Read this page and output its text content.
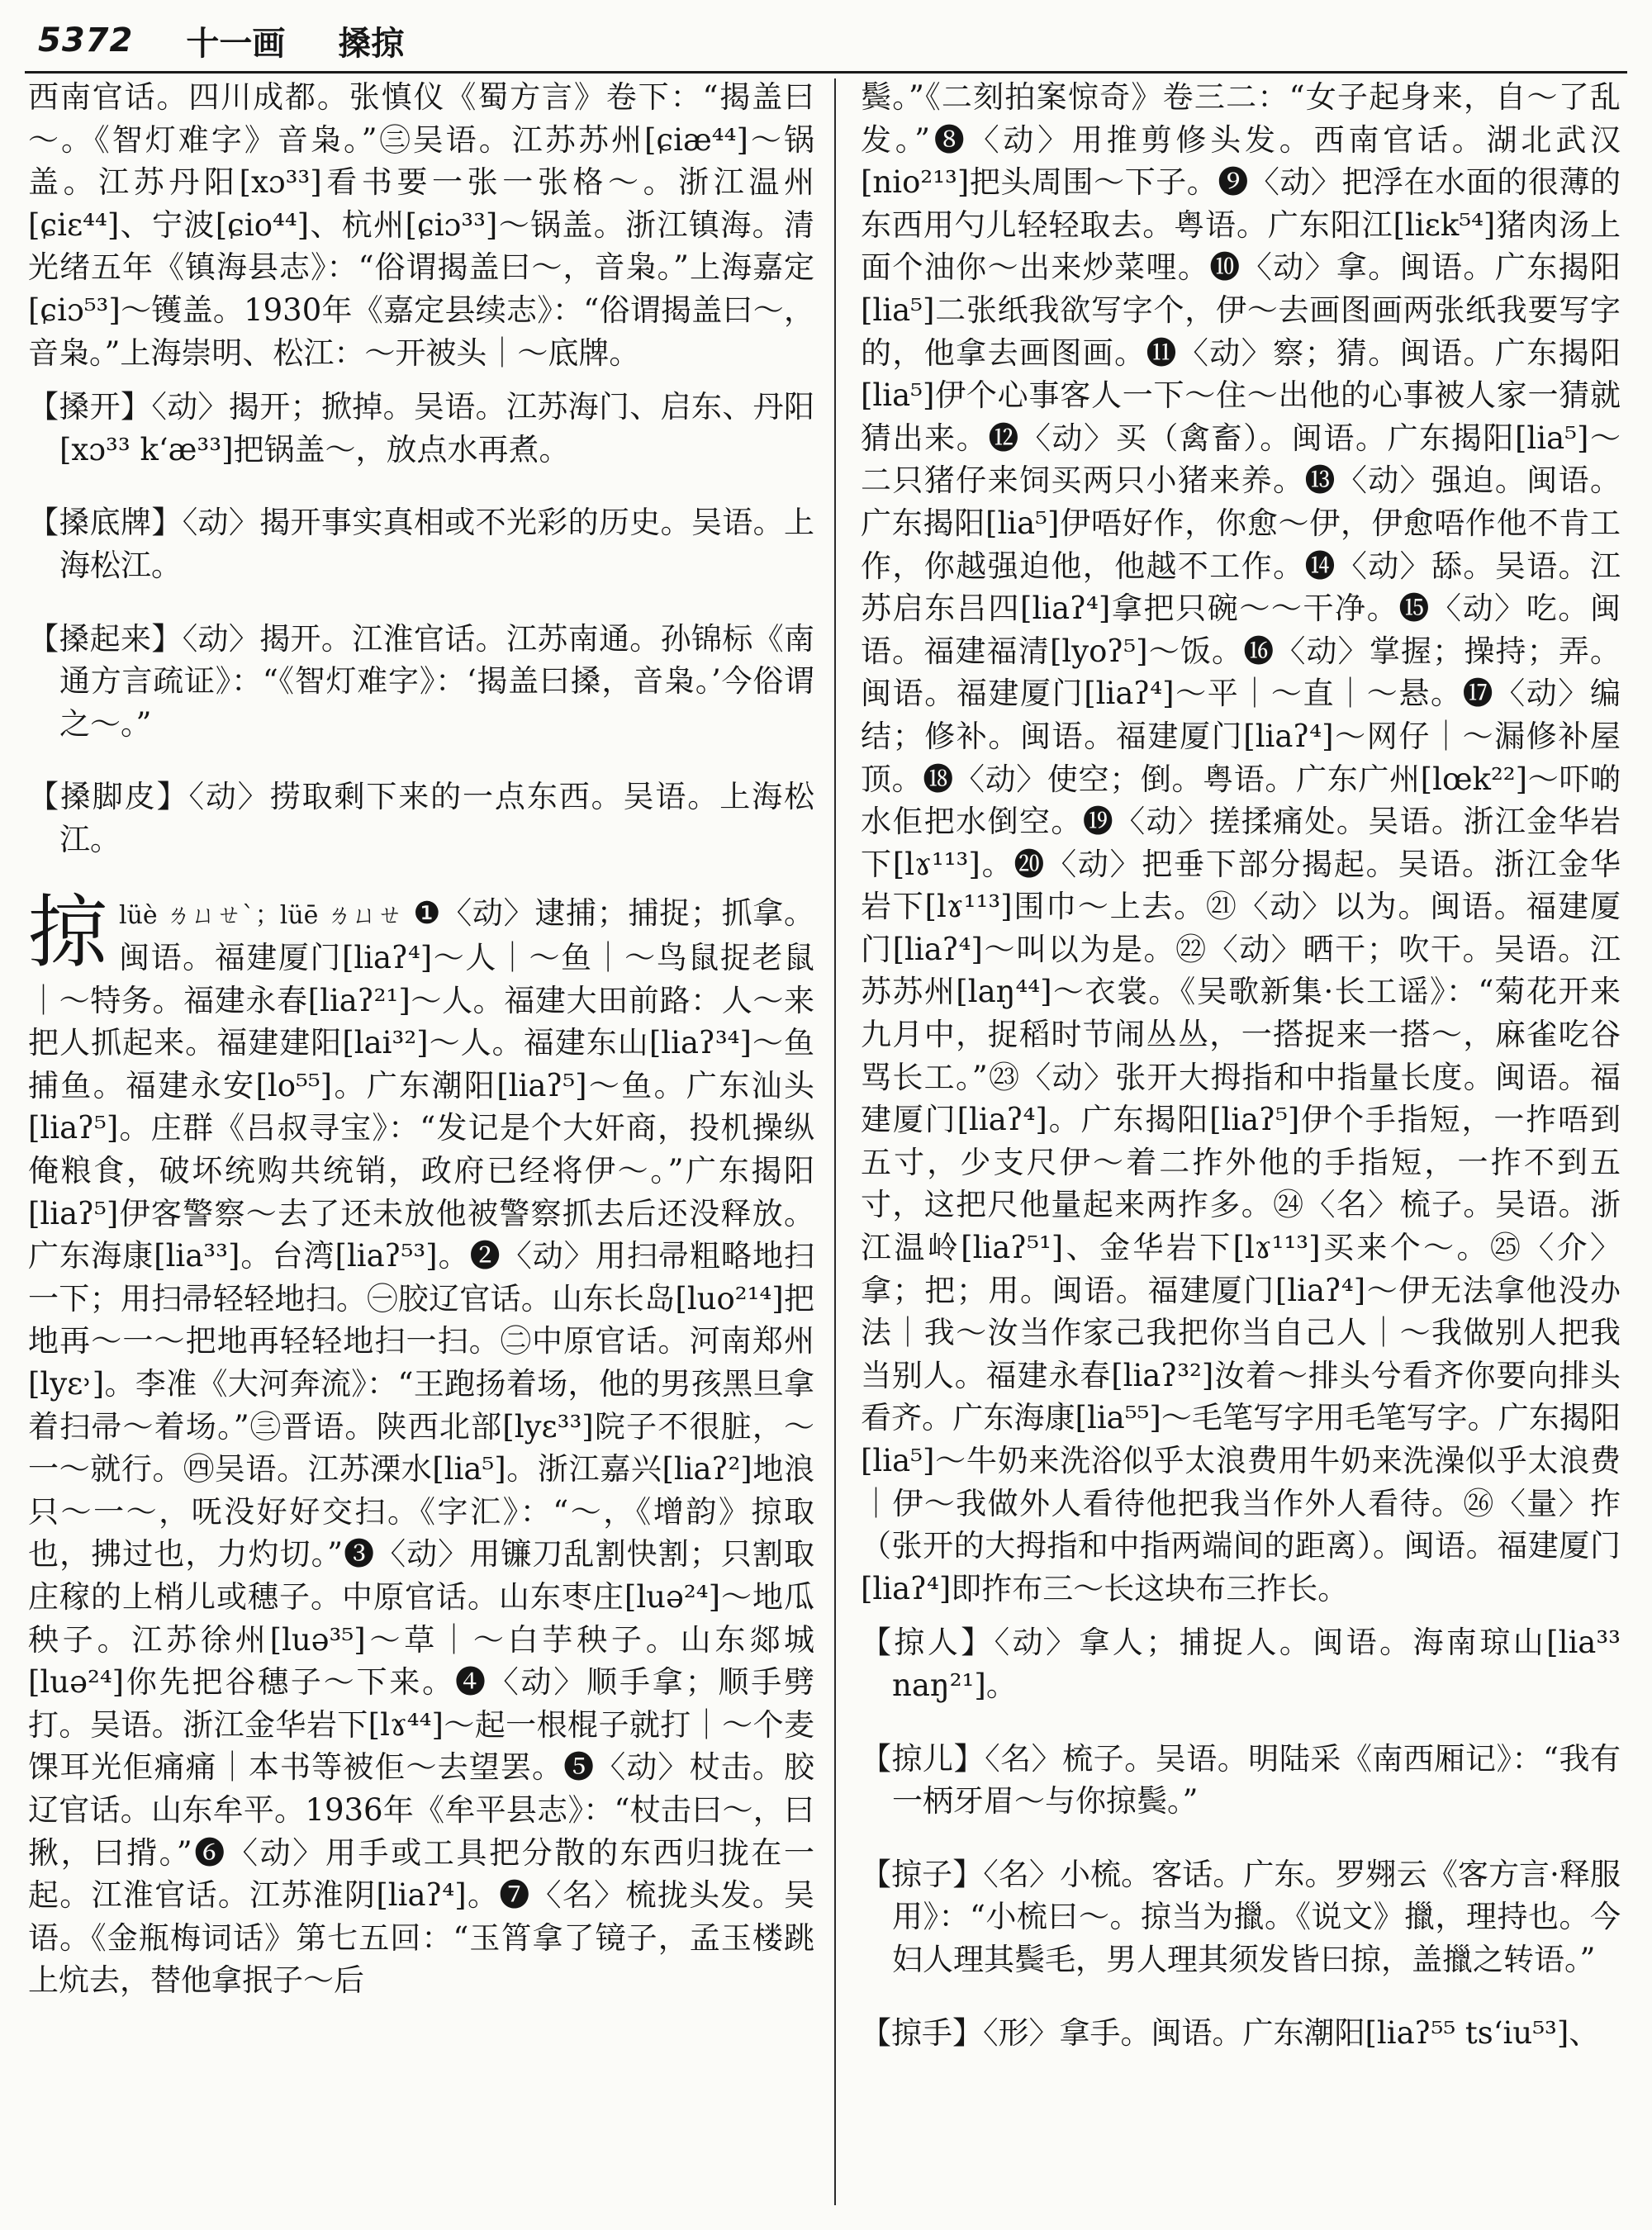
5372 十一画 搡掠

西南官话。四川成都。张慎仪《蜀方言》卷下：“揭盖曰～。《智灯难字》音枭。”㊂吴语。江苏苏州[ɕiæ⁴⁴]～锅盖。江苏丹阳[xɔ³³]看书要一张一张格～。浙江温州[ɕiɛ⁴⁴]、宁波[ɕio⁴⁴]、杭州[ɕiɔ³³]～锅盖。浙江镇海。清光绪五年《镇海县志》：“俗谓揭盖曰～，音枭。”上海嘉定[ɕiɔ⁵³]～镬盖。1930年《嘉定县续志》：“俗谓揭盖曰～，音枭。”上海崇明、松江：～开被头｜～底牌。

【搡开】〈动〉揭开；掀掉。吴语。江苏海门、启东、丹阳[xɔ³³ k‘æ³³]把锅盖～，放点水再煮。

【搡底牌】〈动〉揭开事实真相或不光彩的历史。吴语。上海松江。

【搡起来】〈动〉揭开。江淮官话。江苏南通。孙锦标《南通方言疏证》：“《智灯难字》：‘揭盖曰搡，音枭。’今俗谓之～。”

【搡脚皮】〈动〉捞取剩下来的一点东西。吴语。上海松江。

掠 lüè ㄌㄩㄝˋ；lüē ㄌㄩㄝ ❶〈动〉逮捕；捕捉；抓拿。闽语。福建厦门[liaʔ⁴]～人｜～鱼｜～鸟鼠捉老鼠｜～特务。福建永春[liaʔ²¹]～人。福建大田前路：人～来把人抓起来。福建建阳[lai³²]～人。福建东山[liaʔ³⁴]～鱼捕鱼。福建永安[lo⁵⁵]。广东潮阳[liaʔ⁵]～鱼。广东汕头[liaʔ⁵]。庄群《吕叔寻宝》：“发记是个大奸商，投机操纵俺粮食，破坏统购共统销，政府已经将伊～。”广东揭阳[liaʔ⁵]伊客警察～去了还未放他被警察抓去后还没释放。广东海康[lia³³]。台湾[liaʔ⁵³]。❷〈动〉用扫帚粗略地扫一下；用扫帚轻轻地扫。㊀胶辽官话。山东长岛[luo²¹⁴]把地再～一～把地再轻轻地扫一扫。㊁中原官话。河南郑州[lyɛ˒]。李准《大河奔流》：“王跑扬着场，他的男孩黑旦拿着扫帚～着场。”㊂晋语。陕西北部[lyɛ³³]院子不很脏，～一～就行。㊃吴语。江苏溧水[lia⁵]。浙江嘉兴[liaʔ²]地浪只～一～，呒没好好交扫。《字汇》：“～，《增韵》掠取也，拂过也，力灼切。”❸〈动〉用镰刀乱割快割；只割取庄稼的上梢儿或穗子。中原官话。山东枣庄[luə²⁴]～地瓜秧子。江苏徐州[luə³⁵]～草｜～白芋秧子。山东郯城[luə²⁴]你先把谷穗子～下来。❹〈动〉顺手拿；顺手劈打。吴语。浙江金华岩下[lɤ⁴⁴]～起一根棍子就打｜～个麦馃耳光佢痛痛｜本书等被佢～去望罢。❺〈动〉杖击。胶辽官话。山东牟平。1936年《牟平县志》：“杖击曰～，曰揪，曰揹。”❻〈动〉用手或工具把分散的东西归拢在一起。江淮官话。江苏淮阴[liaʔ⁴]。❼〈名〉梳拢头发。吴语。《金瓶梅词话》第七五回：“玉筲拿了镜子，孟玉楼跳上炕去，替他拿抿子～后

鬓。”《二刻拍案惊奇》卷三二：“女子起身来，自～了乱发。”❽〈动〉用推剪修头发。西南官话。湖北武汉[nio²¹³]把头周围～下子。❾〈动〉把浮在水面的很薄的东西用勺儿轻轻取去。粤语。广东阳江[liɛk⁵⁴]猪肉汤上面个油你～出来炒菜哩。❿〈动〉拿。闽语。广东揭阳[lia⁵]二张纸我欲写字个，伊～去画图画两张纸我要写字的，他拿去画图画。⓫〈动〉察；猜。闽语。广东揭阳[lia⁵]伊个心事客人一下～住～出他的心事被人家一猜就猜出来。⓬〈动〉买（禽畜）。闽语。广东揭阳[lia⁵]～二只猪仔来饲买两只小猪来养。⓭〈动〉强迫。闽语。广东揭阳[lia⁵]伊唔好作，你愈～伊，伊愈唔作他不肯工作，你越强迫他，他越不工作。⓮〈动〉舔。吴语。江苏启东吕四[liaʔ⁴]拿把只碗～～干净。⓯〈动〉吃。闽语。福建福清[lyoʔ⁵]～饭。⓰〈动〉掌握；操持；弄。闽语。福建厦门[liaʔ⁴]～平｜～直｜～悬。⓱〈动〉编结；修补。闽语。福建厦门[liaʔ⁴]～网仔｜～漏修补屋顶。⓲〈动〉使空；倒。粤语。广东广州[lœk²²]～吓啲水佢把水倒空。⓳〈动〉搓揉痛处。吴语。浙江金华岩下[lɤ¹¹³]。⓴〈动〉把垂下部分揭起。吴语。浙江金华岩下[lɤ¹¹³]围巾～上去。㉑〈动〉以为。闽语。福建厦门[liaʔ⁴]～叫以为是。㉒〈动〉晒干；吹干。吴语。江苏苏州[laŋ⁴⁴]～衣裳。《吴歌新集·长工谣》：“菊花开来九月中，捉稻时节闹丛丛，一搭捉来一搭～，麻雀吃谷骂长工。”㉓〈动〉张开大拇指和中指量长度。闽语。福建厦门[liaʔ⁴]。广东揭阳[liaʔ⁵]伊个手指短，一拃唔到五寸，少支尺伊～着二拃外他的手指短，一拃不到五寸，这把尺他量起来两拃多。㉔〈名〉梳子。吴语。浙江温岭[liaʔ⁵¹]、金华岩下[lɤ¹¹³]买来个～。㉕〈介〉拿；把；用。闽语。福建厦门[liaʔ⁴]～伊无法拿他没办法｜我～汝当作家己我把你当自己人｜～我做别人把我当别人。福建永春[liaʔ³²]汝着～排头兮看齐你要向排头看齐。广东海康[lia⁵⁵]～毛笔写字用毛笔写字。广东揭阳[lia⁵]～牛奶来洗浴似乎太浪费用牛奶来洗澡似乎太浪费｜伊～我做外人看待他把我当作外人看待。㉖〈量〉拃（张开的大拇指和中指两端间的距离）。闽语。福建厦门[liaʔ⁴]即拃布三～长这块布三拃长。

【掠人】〈动〉拿人；捕捉人。闽语。海南琼山[lia³³ naŋ²¹]。

【掠儿】〈名〉梳子。吴语。明陆采《南西厢记》：“我有一柄牙眉～与你掠鬓。”

【掠子】〈名〉小梳。客话。广东。罗翙云《客方言·释服用》：“小梳曰～。掠当为擸。《说文》擸，理持也。今妇人理其鬓毛，男人理其须发皆曰掠，盖擸之转语。”

【掠手】〈形〉拿手。闽语。广东潮阳[liaʔ⁵⁵ ts‘iu⁵³]、
